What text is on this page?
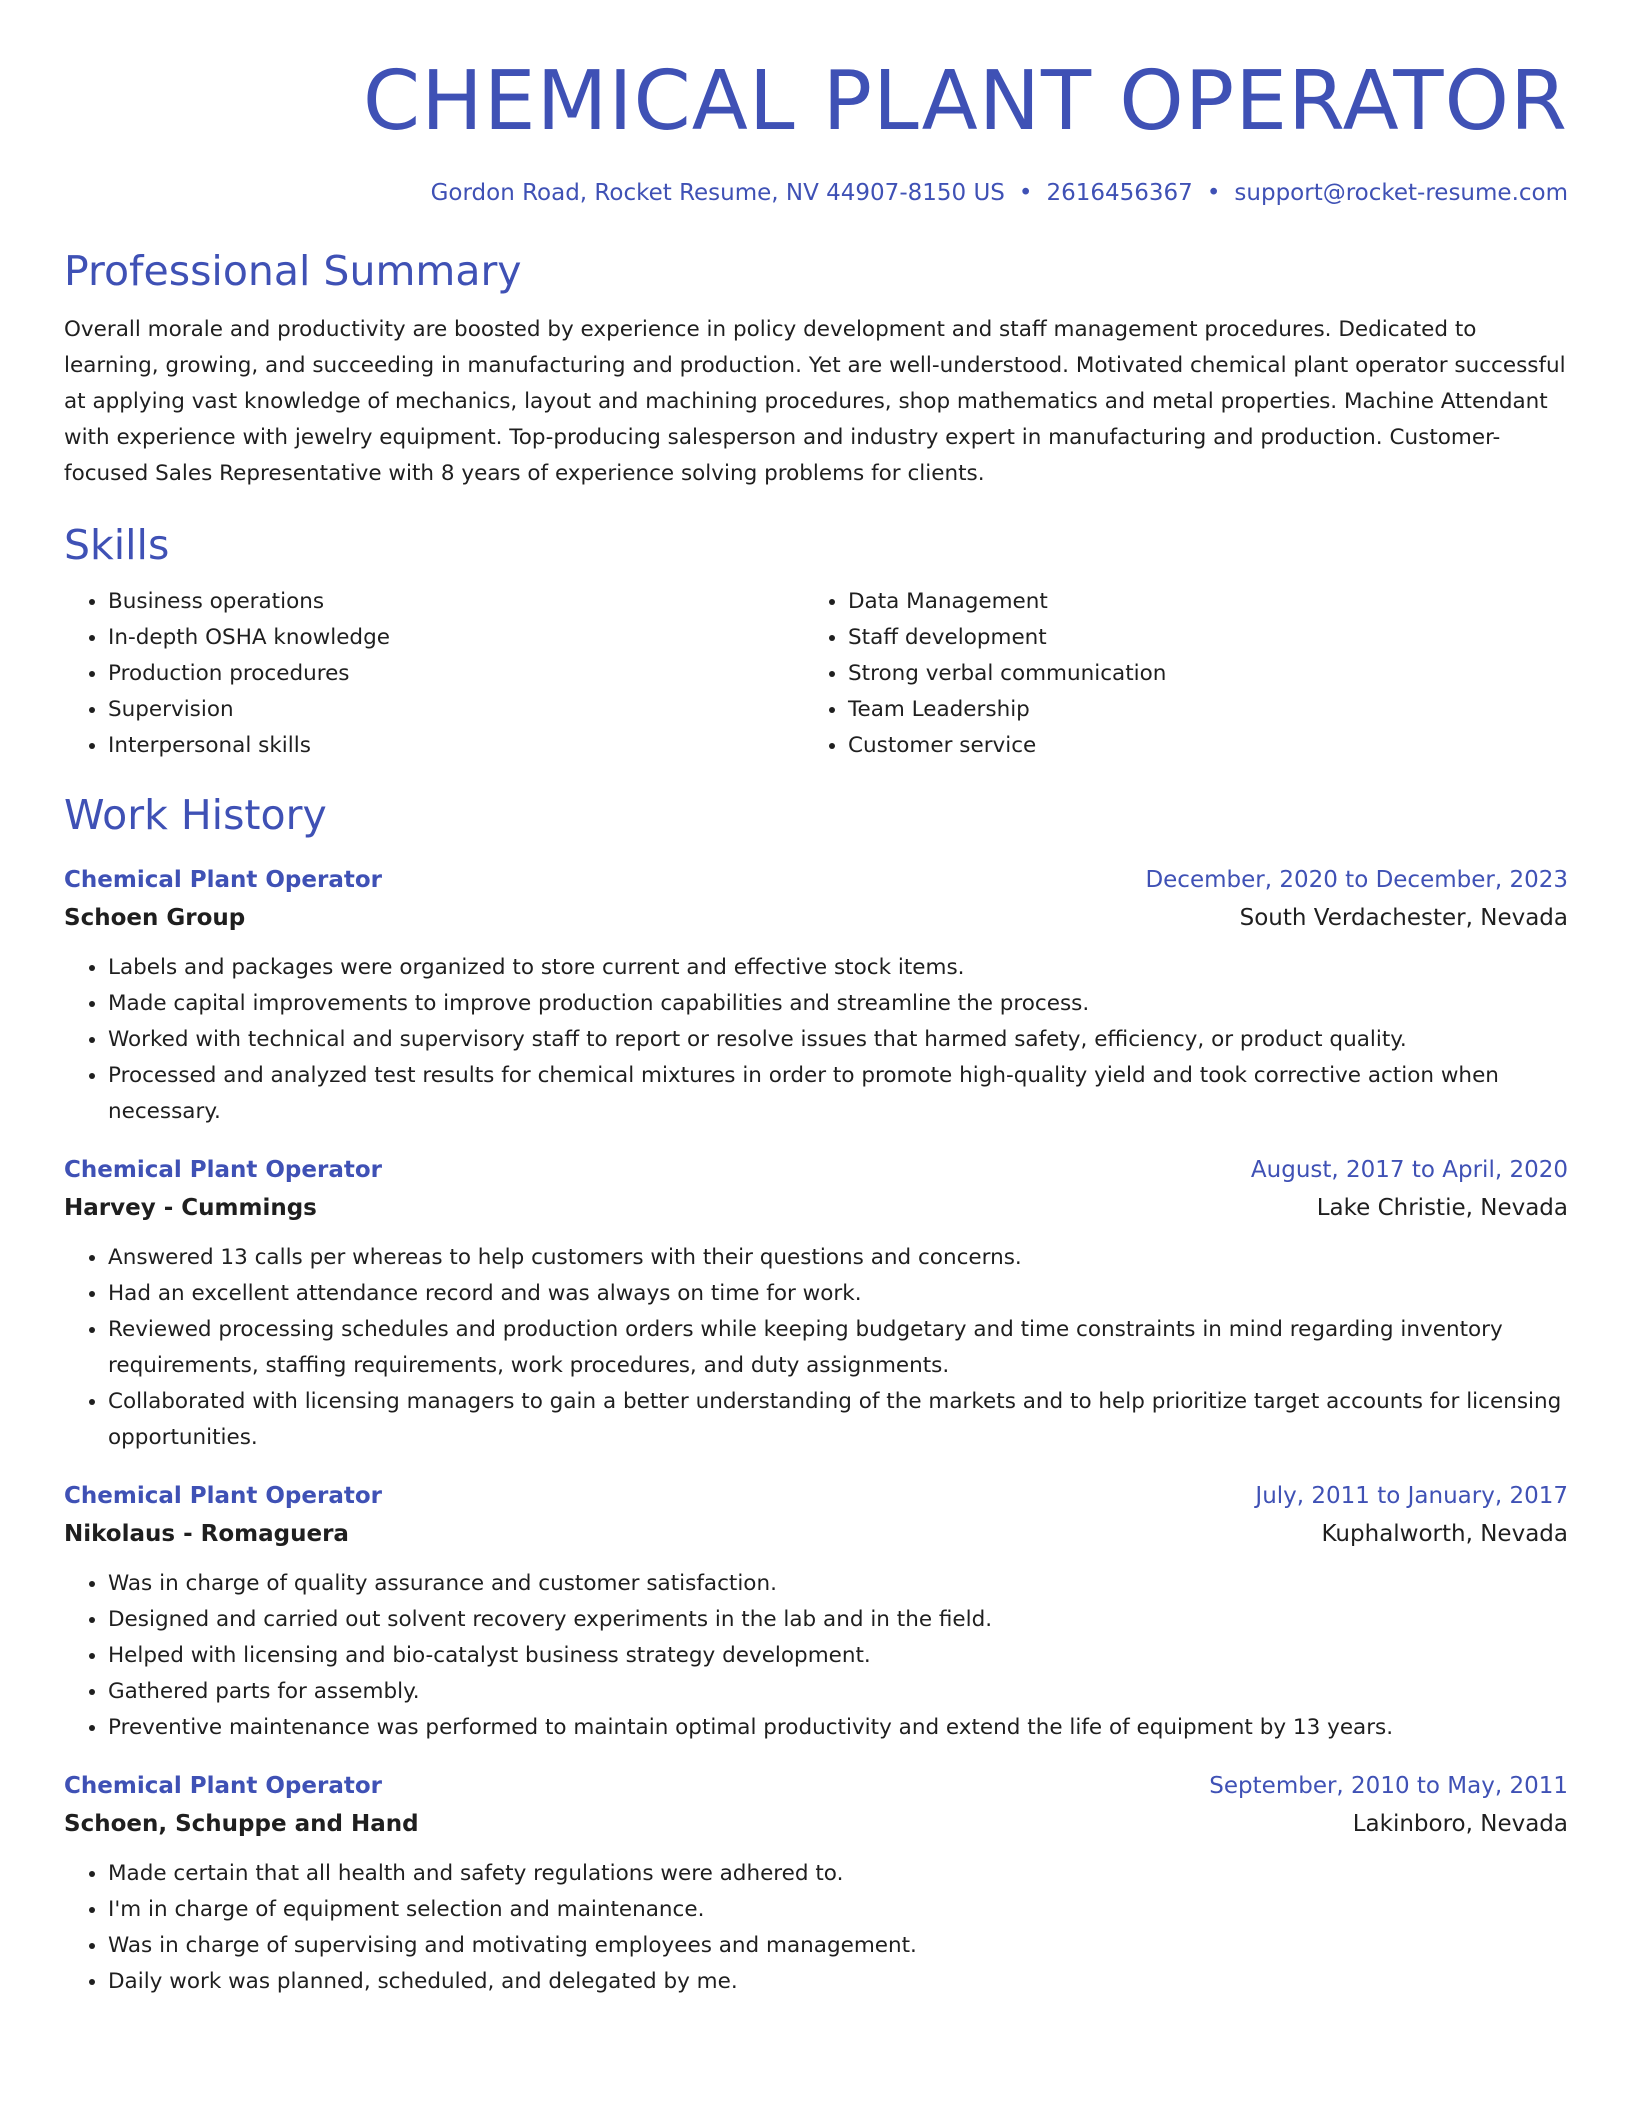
CHEMICAL PLANT OPERATOR
Gordon Road, Rocket Resume, NV 44907-8150 US • 2616456367 • support@rocket-resume.com
Professional Summary
Overall morale and productivity are boosted by experience in policy development and staff management procedures. Dedicated to learning, growing, and succeeding in manufacturing and production. Yet are well-understood. Motivated chemical plant operator successful at applying vast knowledge of mechanics, layout and machining procedures, shop mathematics and metal properties. Machine Attendant with experience with jewelry equipment. Top-producing salesperson and industry expert in manufacturing and production. Customer-focused Sales Representative with 8 years of experience solving problems for clients.
Skills
• Business operations
• In-depth OSHA knowledge
• Production procedures
• Supervision
• Interpersonal skills
• Data Management
• Staff development
• Strong verbal communication
• Team Leadership
• Customer service
Work History
Chemical Plant Operator	December, 2020 to December, 2023
Schoen Group	South Verdachester, Nevada
• Labels and packages were organized to store current and effective stock items.
• Made capital improvements to improve production capabilities and streamline the process.
• Worked with technical and supervisory staff to report or resolve issues that harmed safety, efficiency, or product quality.
• Processed and analyzed test results for chemical mixtures in order to promote high-quality yield and took corrective action when necessary.
Chemical Plant Operator	August, 2017 to April, 2020
Harvey - Cummings	Lake Christie, Nevada
• Answered 13 calls per whereas to help customers with their questions and concerns.
• Had an excellent attendance record and was always on time for work.
• Reviewed processing schedules and production orders while keeping budgetary and time constraints in mind regarding inventory requirements, staffing requirements, work procedures, and duty assignments.
• Collaborated with licensing managers to gain a better understanding of the markets and to help prioritize target accounts for licensing opportunities.
Chemical Plant Operator	July, 2011 to January, 2017
Nikolaus - Romaguera	Kuphalworth, Nevada
• Was in charge of quality assurance and customer satisfaction.
• Designed and carried out solvent recovery experiments in the lab and in the field.
• Helped with licensing and bio-catalyst business strategy development.
• Gathered parts for assembly.
• Preventive maintenance was performed to maintain optimal productivity and extend the life of equipment by 13 years.
Chemical Plant Operator	September, 2010 to May, 2011
Schoen, Schuppe and Hand	Lakinboro, Nevada
• Made certain that all health and safety regulations were adhered to.
• I'm in charge of equipment selection and maintenance.
• Was in charge of supervising and motivating employees and management.
• Daily work was planned, scheduled, and delegated by me.
